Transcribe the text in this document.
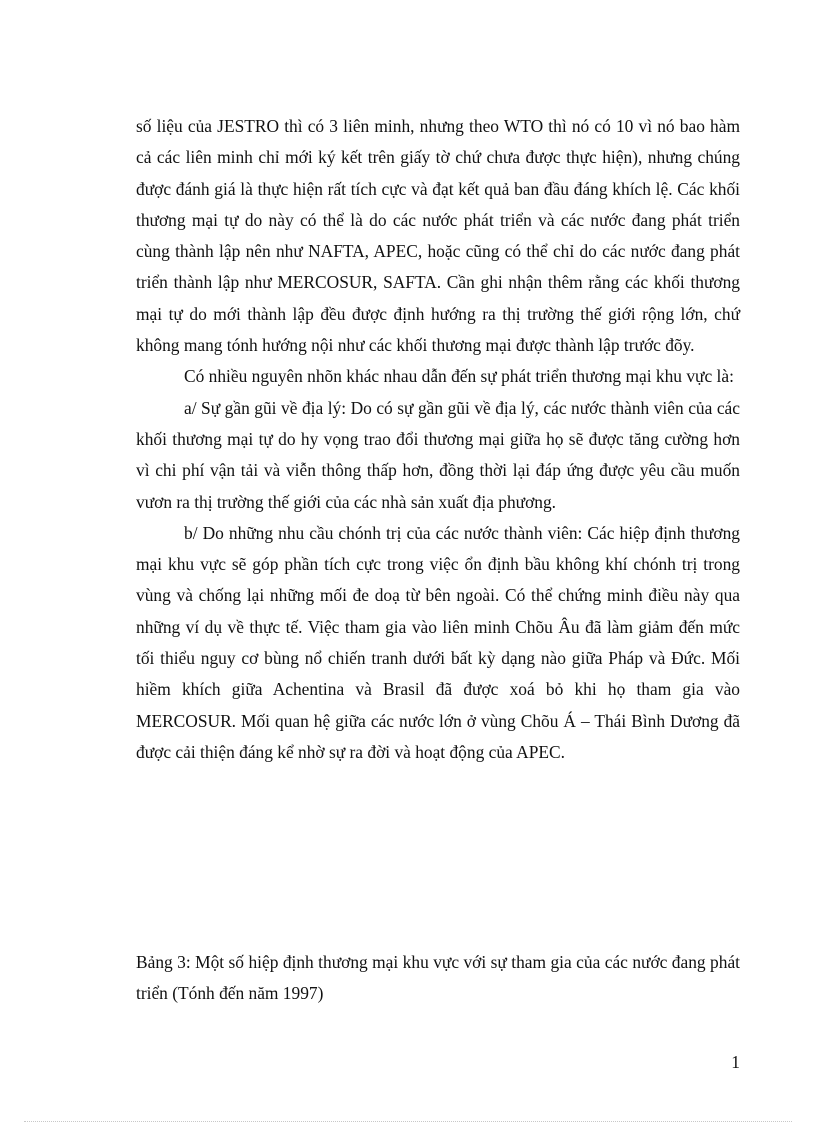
số liệu của JESTRO thì có 3 liên minh, nhưng theo WTO thì nó có 10 vì nó bao hàm cả các liên minh chỉ mới ký kết trên giấy tờ chứ chưa được thực hiện), nhưng chúng được đánh giá là thực hiện rất tích cực và đạt kết quả ban đầu đáng khích lệ. Các khối thương mại tự do này có thể là do các nước phát triển và các nước đang phát triển cùng thành lập nên như NAFTA, APEC, hoặc cũng có thể chỉ do các nước đang phát triển thành lập như MERCOSUR, SAFTA. Cần ghi nhận thêm rằng các khối thương mại tự do mới thành lập đều được định hướng ra thị trường thế giới rộng lớn, chứ không mang tónh hướng nội như các khối thương mại được thành lập trước đõy.

Có nhiều nguyên nhõn khác nhau dẫn đến sự phát triển thương mại khu vực là:

a/ Sự gần gũi về địa lý: Do có sự gần gũi về địa lý, các nước thành viên của các khối thương mại tự do hy vọng trao đổi thương mại giữa họ sẽ được tăng cường hơn vì chi phí vận tải và viễn thông thấp hơn, đồng thời lại đáp ứng được yêu cầu muốn vươn ra thị trường thế giới của các nhà sản xuất địa phương.

b/ Do những nhu cầu chónh trị của các nước thành viên: Các hiệp định thương mại khu vực sẽ góp phần tích cực trong việc ổn định bầu không khí chónh trị trong vùng và chống lại những mối đe doạ từ bên ngoài. Có thể chứng minh điều này qua những ví dụ về thực tế. Việc tham gia vào liên minh Chõu Âu đã làm giảm đến mức tối thiểu nguy cơ bùng nổ chiến tranh dưới bất kỳ dạng nào giữa Pháp và Đức. Mối hiềm khích giữa Achentina và Brasil đã được xoá bỏ khi họ tham gia vào MERCOSUR. Mối quan hệ giữa các nước lớn ở vùng Chõu Á – Thái Bình Dương đã được cải thiện đáng kể nhờ sự ra đời và hoạt động của APEC.

Bảng 3: Một số hiệp định thương mại khu vực với sự tham gia của các nước đang phát triển (Tónh đến năm 1997)
1
